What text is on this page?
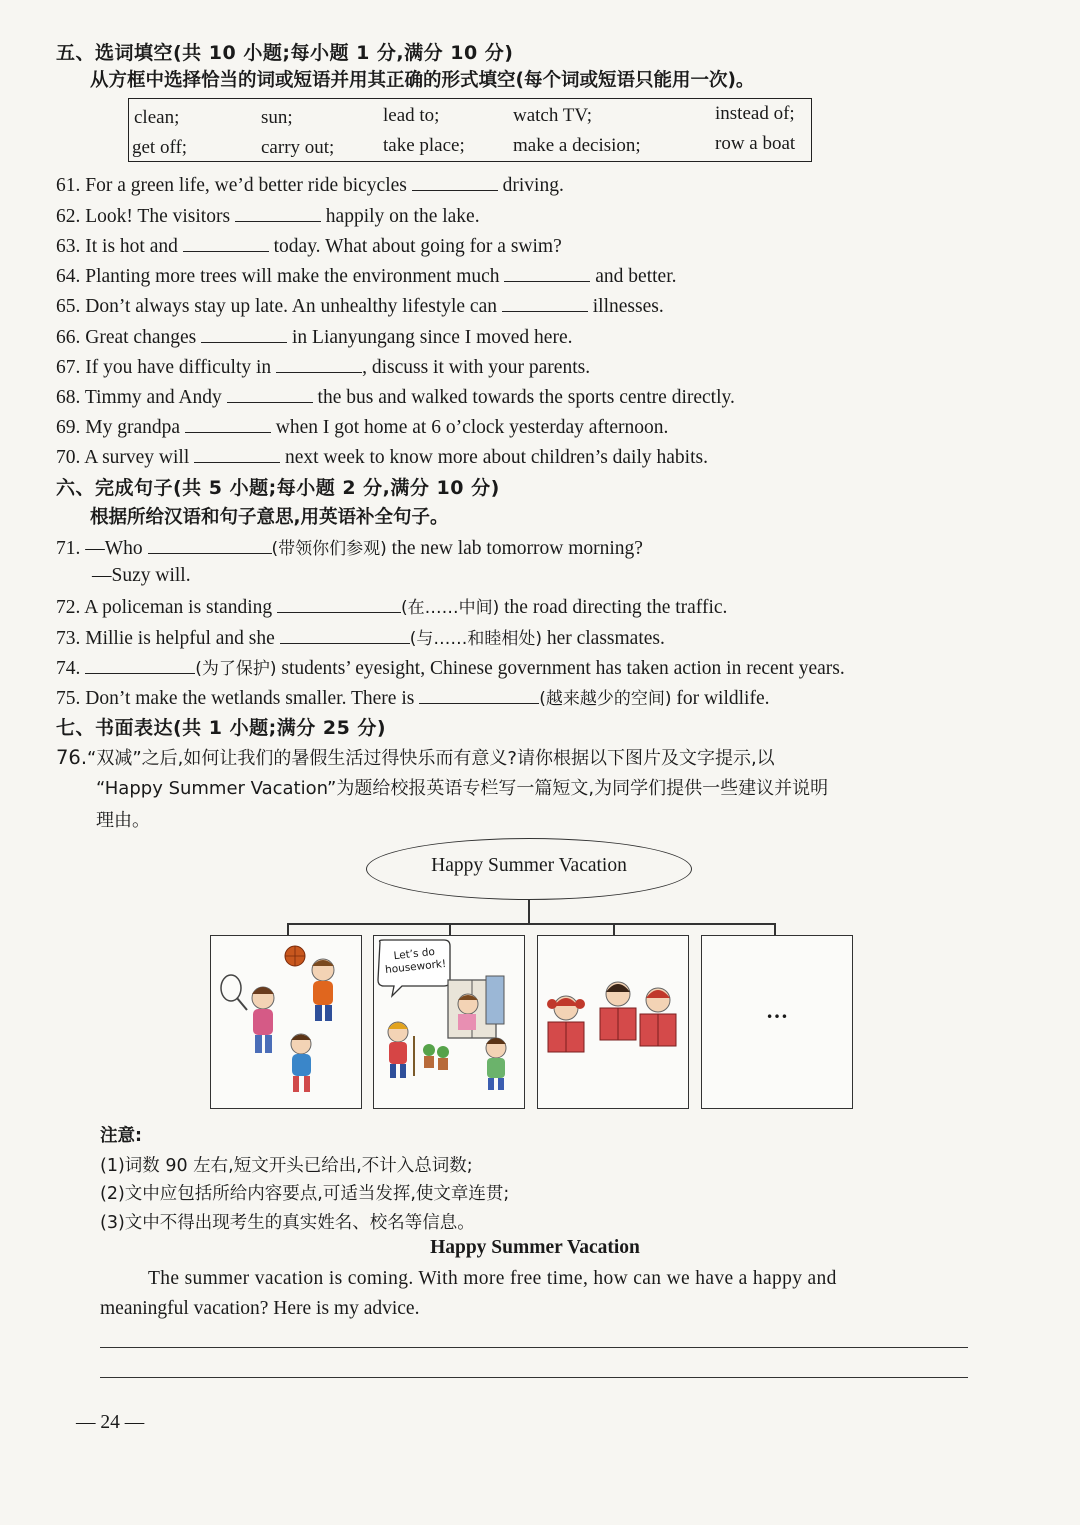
五、选词填空(共 10 小题;每小题 1 分,满分 10 分)
从方框中选择恰当的词或短语并用其正确的形式填空(每个词或短语只能用一次)。
clean;	sun;	lead to;	watch TV;	instead of;
get off;	carry out;	take place;	make a decision;	row a boat
61. For a green life, we’d better ride bicycles	driving.
62. Look! The visitors	happily on the lake.
63. It is hot and	today. What about going for a swim?
64. Planting more trees will make the environment much	and better.
65. Don’t always stay up late. An unhealthy lifestyle can	illnesses.
66. Great changes	in Lianyungang since I moved here.
67. If you have difficulty in	, discuss it with your parents.
68. Timmy and Andy	the bus and walked towards the sports centre directly.
69. My grandpa	when I got home at 6 o’clock yesterday afternoon.
70. A survey will	next week to know more about children’s daily habits.
六、完成句子(共 5 小题;每小题 2 分,满分 10 分)
根据所给汉语和句子意思,用英语补全句子。
71. —Who	(带领你们参观) the new lab tomorrow morning?
—Suzy will.
72. A policeman is standing	(在……中间) the road directing the traffic.
73. Millie is helpful and she	(与……和睦相处) her classmates.
74.	(为了保护) students’ eyesight, Chinese government has taken action in recent years.
75. Don’t make the wetlands smaller. There is	(越来越少的空间) for wildlife.
七、书面表达(共 1 小题;满分 25 分)
76.“双减”之后,如何让我们的暑假生活过得快乐而有意义?请你根据以下图片及文字提示,以
“Happy Summer Vacation”为题给校报英语专栏写一篇短文,为同学们提供一些建议并说明
理由。
Happy Summer Vacation
Let’s do housework!
…
注意:
(1)词数 90 左右,短文开头已给出,不计入总词数;
(2)文中应包括所给内容要点,可适当发挥,使文章连贯;
(3)文中不得出现考生的真实姓名、校名等信息。
Happy Summer Vacation
The summer vacation is coming. With more free time, how can we have a happy and
meaningful vacation? Here is my advice.
— 24 —
